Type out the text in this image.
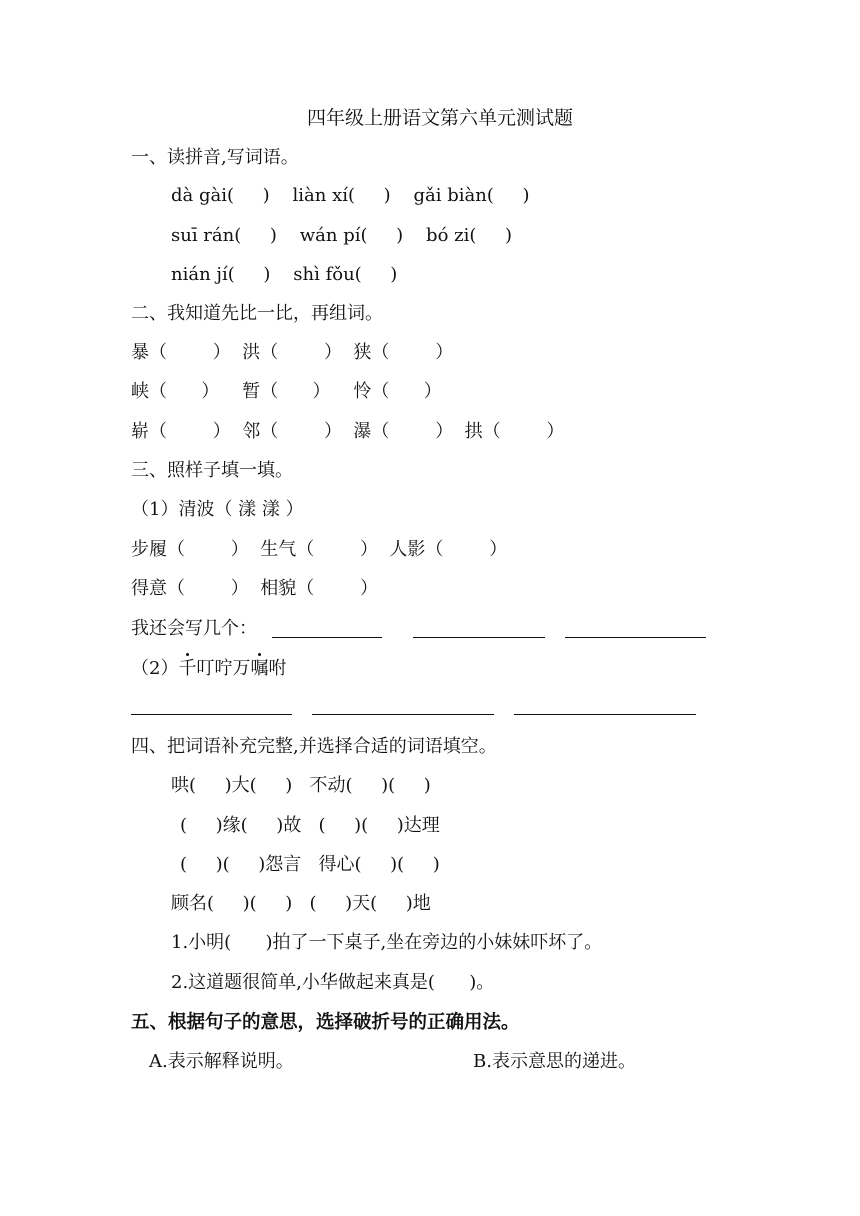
四年级上册语文第六单元测试题
一、读拼音,写词语。
dà gài(     )    liàn xí(     )    gǎi biàn(     )
suī rán(     )    wán pí(     )    bó zi(     )
nián jí(     )    shì fǒu(     )
二、我知道先比一比，再组词。
暴（        ）  洪（        ）  狭（        ）
峡（      ）    暂（      ）    怜（      ）
崭（        ）  邻（        ）  瀑（        ）  拱（        ）
三、照样子填一填。
（1）清波（ 漾 漾 ）
步履（        ）  生气（        ）  人影（        ）
得意（        ）  相貌（        ）
我还会写几个：
（2）千叮咛万嘱咐
四、把词语补充完整,并选择合适的词语填空。
哄(     )大(     )   不动(     )(     )
(     )缘(     )故   (     )(     )达理
(     )(     )怨言   得心(     )(     )
顾名(     )(     )   (     )天(     )地
1.小明(      )拍了一下桌子,坐在旁边的小妹妹吓坏了。
2.这道题很简单,小华做起来真是(      )。
五、根据句子的意思，选择破折号的正确用法。
A.表示解释说明。	B.表示意思的递进。
